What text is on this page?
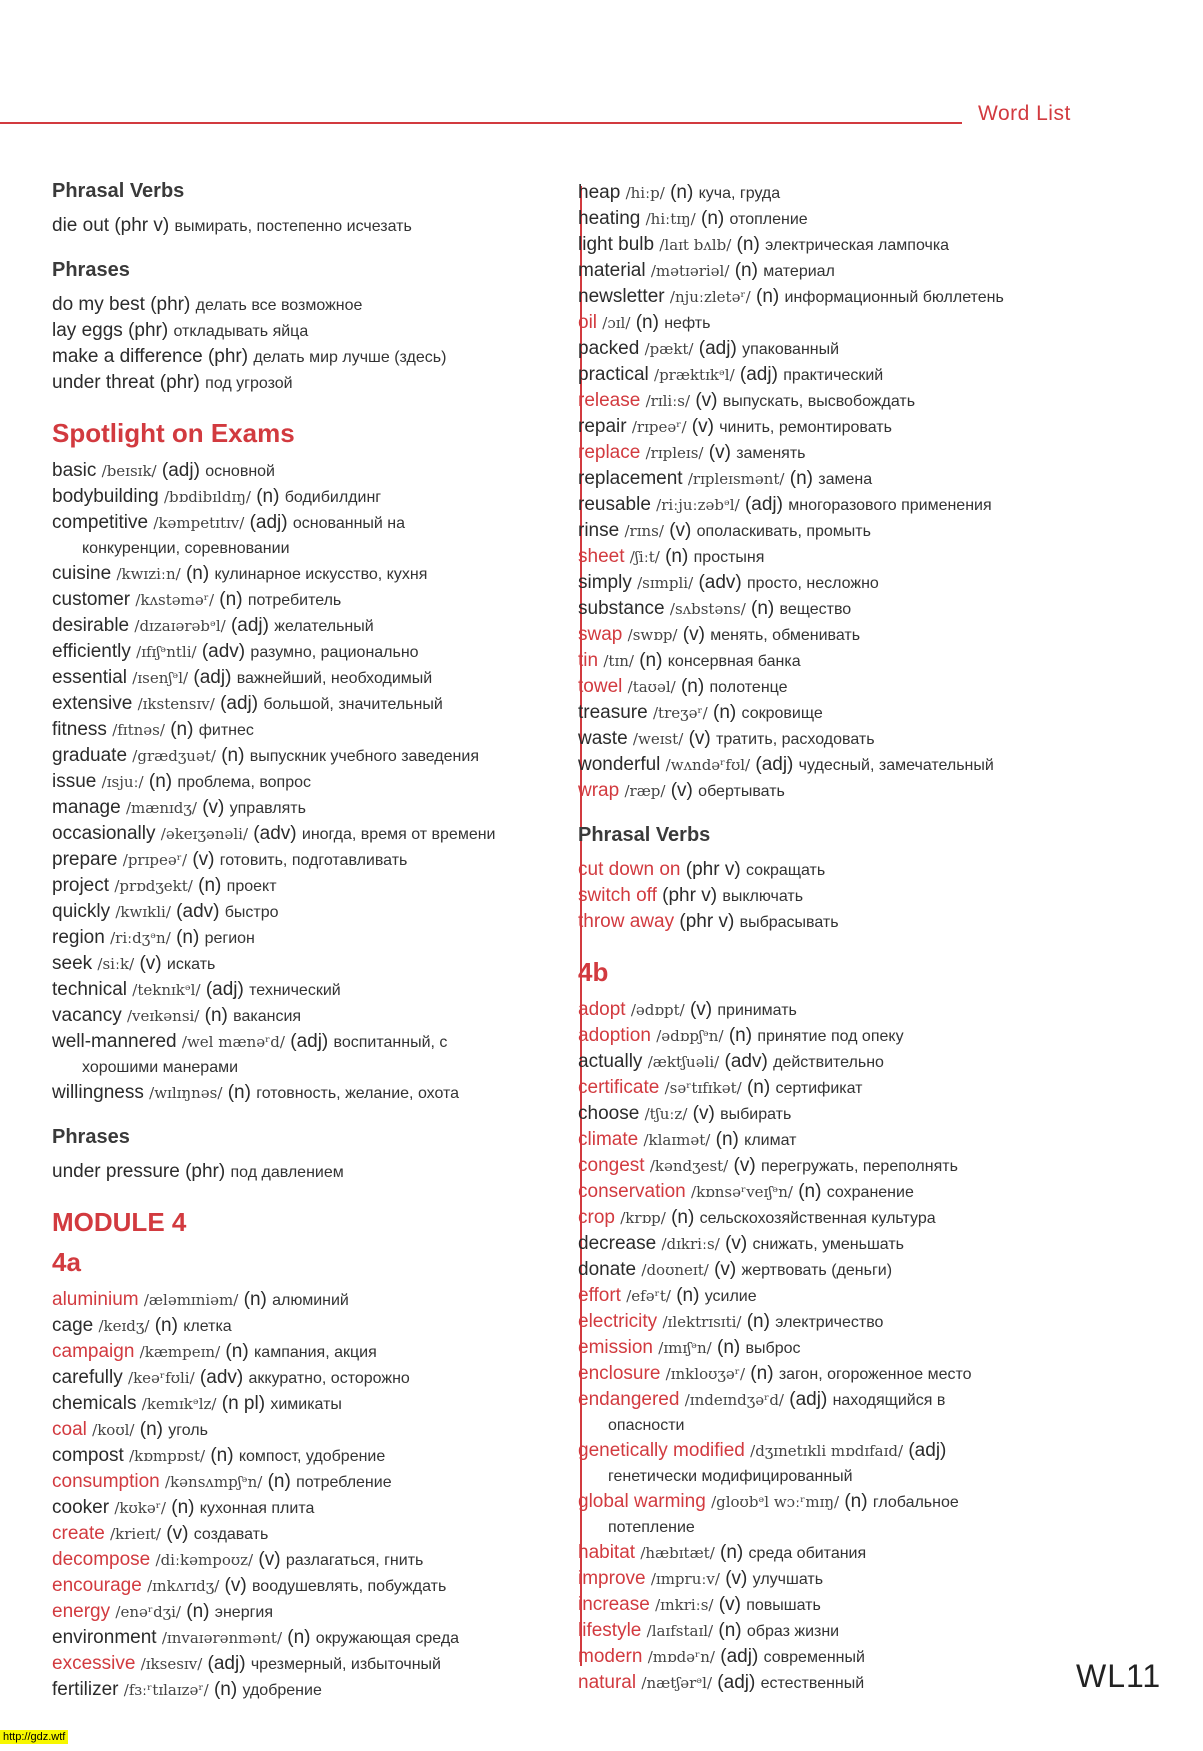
Word List
Phrasal Verbs
die out (phr v) вымирать, постепенно исчезать
Phrases
do my best (phr) делать все возможное
lay eggs (phr) откладывать яйца
make a difference (phr) делать мир лучше (здесь)
under threat (phr) под угрозой
Spotlight on Exams
basic /beɪsɪk/ (adj) основной
bodybuilding /bɒdibɪldɪŋ/ (n) бодибилдинг
competitive /kəmpetɪtɪv/ (adj) основанный на
конкуренции, соревновании
cuisine /kwɪziːn/ (n) кулинарное искусство, кухня
customer /kʌstəməʳ/ (n) потребитель
desirable /dɪzaɪərəbᵊl/ (adj) желательный
efficiently /ɪfɪʃᵊntli/ (adv) разумно, рационально
essential /ɪsenʃᵊl/ (adj) важнейший, необходимый
extensive /ɪkstensɪv/ (adj) большой, значительный
fitness /fɪtnəs/ (n) фитнес
graduate /grædʒuət/ (n) выпускник учебного заведения
issue /ɪsjuː/ (n) проблема, вопрос
manage /mænɪdʒ/ (v) управлять
occasionally /əkeɪʒənəli/ (adv) иногда, время от времени
prepare /prɪpeəʳ/ (v) готовить, подготавливать
project /prɒdʒekt/ (n) проект
quickly /kwɪkli/ (adv) быстро
region /riːdʒᵊn/ (n) регион
seek /siːk/ (v) искать
technical /teknɪkᵊl/ (adj) технический
vacancy /veɪkənsi/ (n) вакансия
well-mannered /wel mænəʳd/ (adj) воспитанный, с
хорошими манерами
willingness /wɪlɪŋnəs/ (n) готовность, желание, охота
Phrases
under pressure (phr) под давлением
MODULE 4
4a
aluminium /æləmɪniəm/ (n) алюминий
cage /keɪdʒ/ (n) клетка
campaign /kæmpeɪn/ (n) кампания, акция
carefully /keəʳfʊli/ (adv) аккуратно, осторожно
chemicals /kemɪkᵊlz/ (n pl) химикаты
coal /koʊl/ (n) уголь
compost /kɒmpɒst/ (n) компост, удобрение
consumption /kənsʌmpʃᵊn/ (n) потребление
cooker /kʊkəʳ/ (n) кухонная плита
create /krieɪt/ (v) создавать
decompose /diːkəmpoʊz/ (v) разлагаться, гнить
encourage /ɪnkʌrɪdʒ/ (v) воодушевлять, побуждать
energy /enəʳdʒi/ (n) энергия
environment /ɪnvaɪərənmənt/ (n) окружающая среда
excessive /ɪksesɪv/ (adj) чрезмерный, избыточный
fertilizer /fɜːʳtɪlaɪzəʳ/ (n) удобрение
heap /hiːp/ (n) куча, груда
heating /hiːtɪŋ/ (n) отопление
light bulb /laɪt bʌlb/ (n) электрическая лампочка
material /mətɪəriəl/ (n) материал
newsletter /njuːzletəʳ/ (n) информационный бюллетень
oil /ɔɪl/ (n) нефть
packed /pækt/ (adj) упакованный
practical /præktɪkᵊl/ (adj) практический
release /rɪliːs/ (v) выпускать, высвобождать
repair /rɪpeəʳ/ (v) чинить, ремонтировать
replace /rɪpleɪs/ (v) заменять
replacement /rɪpleɪsmənt/ (n) замена
reusable /riːjuːzəbᵊl/ (adj) многоразового применения
rinse /rɪns/ (v) ополаскивать, промыть
sheet /ʃiːt/ (n) простыня
simply /sɪmpli/ (adv) просто, несложно
substance /sʌbstəns/ (n) вещество
swap /swɒp/ (v) менять, обменивать
tin /tɪn/ (n) консервная банка
towel /taʊəl/ (n) полотенце
treasure /treʒəʳ/ (n) сокровище
waste /weɪst/ (v) тратить, расходовать
wonderful /wʌndəʳfʊl/ (adj) чудесный, замечательный
wrap /ræp/ (v) обертывать
Phrasal Verbs
cut down on (phr v) сокращать
switch off (phr v) выключать
throw away (phr v) выбрасывать
4b
adopt /ədɒpt/ (v) принимать
adoption /ədɒpʃᵊn/ (n) принятие под опеку
actually /æktʃuəli/ (adv) действительно
certificate /səʳtɪfɪkət/ (n) сертификат
choose /tʃuːz/ (v) выбирать
climate /klaɪmət/ (n) климат
congest /kəndʒest/ (v) перегружать, переполнять
conservation /kɒnsəʳveɪʃᵊn/ (n) сохранение
crop /krɒp/ (n) сельскохозяйственная культура
decrease /dɪkriːs/ (v) снижать, уменьшать
donate /doʊneɪt/ (v) жертвовать (деньги)
effort /efəʳt/ (n) усилие
electricity /ɪlektrɪsɪti/ (n) электричество
emission /ɪmɪʃᵊn/ (n) выброс
enclosure /ɪnkloʊʒəʳ/ (n) загон, огороженное место
endangered /ɪndeɪndʒəʳd/ (adj) находящийся в
опасности
genetically modified /dʒɪnetɪkli mɒdɪfaɪd/ (adj)
генетически модифицированный
global warming /gloʊbᵊl wɔːʳmɪŋ/ (n) глобальное
потепление
habitat /hæbɪtæt/ (n) среда обитания
improve /ɪmpruːv/ (v) улучшать
increase /ɪnkriːs/ (v) повышать
lifestyle /laɪfstaɪl/ (n) образ жизни
modern /mɒdəʳn/ (adj) современный
natural /nætʃərᵊl/ (adj) естественный	WL11
http://gdz.wtf
